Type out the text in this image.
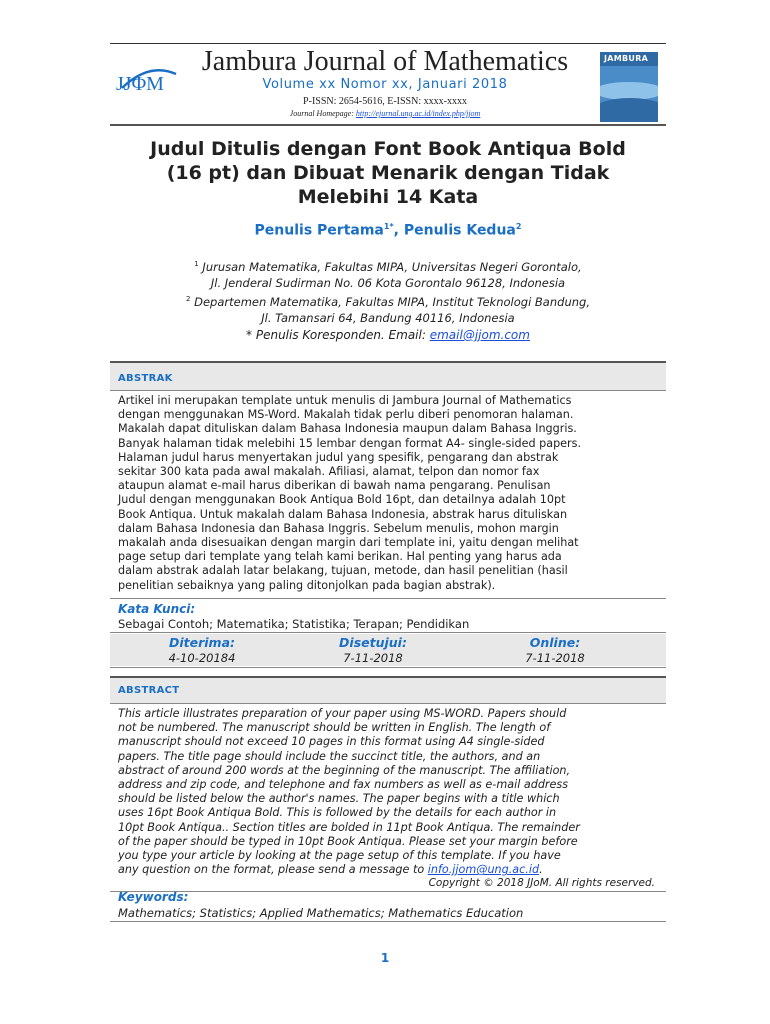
JJΦM
Jambura Journal of Mathematics
Volume xx Nomor xx, Januari 2018
P-ISSN: 2654-5616, E-ISSN: xxxx-xxxx
Journal Homepage: http://ejurnal.ung.ac.id/index.php/jjom
JAMBURA
Judul Ditulis dengan Font Book Antiqua Bold
(16 pt) dan Dibuat Menarik dengan Tidak
Melebihi 14 Kata
Penulis Pertama$^{1*}$, Penulis Kedua$^2$
$^1$ Jurusan Matematika, Fakultas MIPA, Universitas Negeri Gorontalo,
Jl. Jenderal Sudirman No. 06 Kota Gorontalo 96128, Indonesia
$^2$ Departemen Matematika, Fakultas MIPA, Institut Teknologi Bandung,
Jl. Tamansari 64, Bandung 40116, Indonesia
* Penulis Koresponden. Email: email@jjom.com
ABSTRAK
Artikel ini merupakan template untuk menulis di Jambura Journal of Mathematics
dengan menggunakan MS-Word. Makalah tidak perlu diberi penomoran halaman.
Makalah dapat dituliskan dalam Bahasa Indonesia maupun dalam Bahasa Inggris.
Banyak halaman tidak melebihi 15 lembar dengan format A4- single-sided papers.
Halaman judul harus menyertakan judul yang spesifik, pengarang dan abstrak
sekitar 300 kata pada awal makalah. Afiliasi, alamat, telpon dan nomor fax
ataupun alamat e-mail harus diberikan di bawah nama pengarang. Penulisan
Judul dengan menggunakan Book Antiqua Bold 16pt, dan detailnya adalah 10pt
Book Antiqua. Untuk makalah dalam Bahasa Indonesia, abstrak harus dituliskan
dalam Bahasa Indonesia dan Bahasa Inggris. Sebelum menulis, mohon margin
makalah anda disesuaikan dengan margin dari template ini, yaitu dengan melihat
page setup dari template yang telah kami berikan. Hal penting yang harus ada
dalam abstrak adalah latar belakang, tujuan, metode, dan hasil penelitian (hasil
penelitian sebaiknya yang paling ditonjolkan pada bagian abstrak).
Kata Kunci:
Sebagai Contoh; Matematika; Statistika; Terapan; Pendidikan
Diterima:
4-10-20184
Disetujui:
7-11-2018
Online:
7-11-2018
ABSTRACT
This article illustrates preparation of your paper using MS-WORD. Papers should
not be numbered. The manuscript should be written in English. The length of
manuscript should not exceed 10 pages in this format using A4 single-sided
papers. The title page should include the succinct title, the authors, and an
abstract of around 200 words at the beginning of the manuscript. The affiliation,
address and zip code, and telephone and fax numbers as well as e-mail address
should be listed below the author's names. The paper begins with a title which
uses 16pt Book Antiqua Bold. This is followed by the details for each author in
10pt Book Antiqua.. Section titles are bolded in 11pt Book Antiqua. The remainder
of the paper should be typed in 10pt Book Antiqua. Please set your margin before
you type your article by looking at the page setup of this template. If you have
any question on the format, please send a message to info.jjom@ung.ac.id.
Copyright © 2018 JJoM. All rights reserved.
Keywords:
Mathematics; Statistics; Applied Mathematics; Mathematics Education
1
